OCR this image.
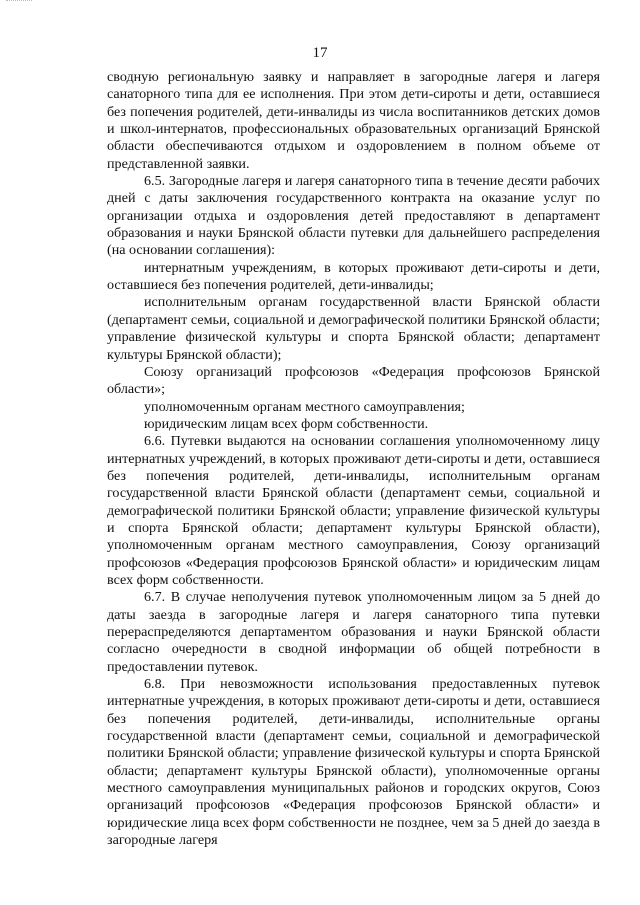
17

сводную региональную заявку и направляет в загородные лагеря и лагеря санаторного типа для ее исполнения. При этом дети-сироты и дети, оставшиеся без попечения родителей, дети-инвалиды из числа воспитанников детских домов и школ-интернатов, профессиональных образовательных организаций Брянской области обеспечиваются отдыхом и оздоровлением в полном объеме от представленной заявки.

6.5. Загородные лагеря и лагеря санаторного типа в течение десяти рабочих дней с даты заключения государственного контракта на оказание услуг по организации отдыха и оздоровления детей предоставляют в департамент образования и науки Брянской области путевки для дальнейшего распределения (на основании соглашения):

интернатным учреждениям, в которых проживают дети-сироты и дети, оставшиеся без попечения родителей, дети-инвалиды;

исполнительным органам государственной власти Брянской области (департамент семьи, социальной и демографической политики Брянской области; управление физической культуры и спорта Брянской области; департамент культуры Брянской области);

Союзу организаций профсоюзов «Федерация профсоюзов Брянской области»;

уполномоченным органам местного самоуправления;

юридическим лицам всех форм собственности.

6.6. Путевки выдаются на основании соглашения уполномоченному лицу интернатных учреждений, в которых проживают дети-сироты и дети, оставшиеся без попечения родителей, дети-инвалиды, исполнительным органам государственной власти Брянской области (департамент семьи, социальной и демографической политики Брянской области; управление физической культуры и спорта Брянской области; департамент культуры Брянской области), уполномоченным органам местного самоуправления, Союзу организаций профсоюзов «Федерация профсоюзов Брянской области» и юридическим лицам всех форм собственности.

6.7. В случае неполучения путевок уполномоченным лицом за 5 дней до даты заезда в загородные лагеря и лагеря санаторного типа путевки перераспределяются департаментом образования и науки Брянской области согласно очередности в сводной информации об общей потребности в предоставлении путевок.

6.8. При невозможности использования предоставленных путевок интернатные учреждения, в которых проживают дети-сироты и дети, оставшиеся без попечения родителей, дети-инвалиды, исполнительные органы государственной власти (департамент семьи, социальной и демографической политики Брянской области; управление физической культуры и спорта Брянской области; департамент культуры Брянской области), уполномоченные органы местного самоуправления муниципальных районов и городских округов, Союз организаций профсоюзов «Федерация профсоюзов Брянской области» и юридические лица всех форм собственности не позднее, чем за 5 дней до заезда в загородные лагеря
